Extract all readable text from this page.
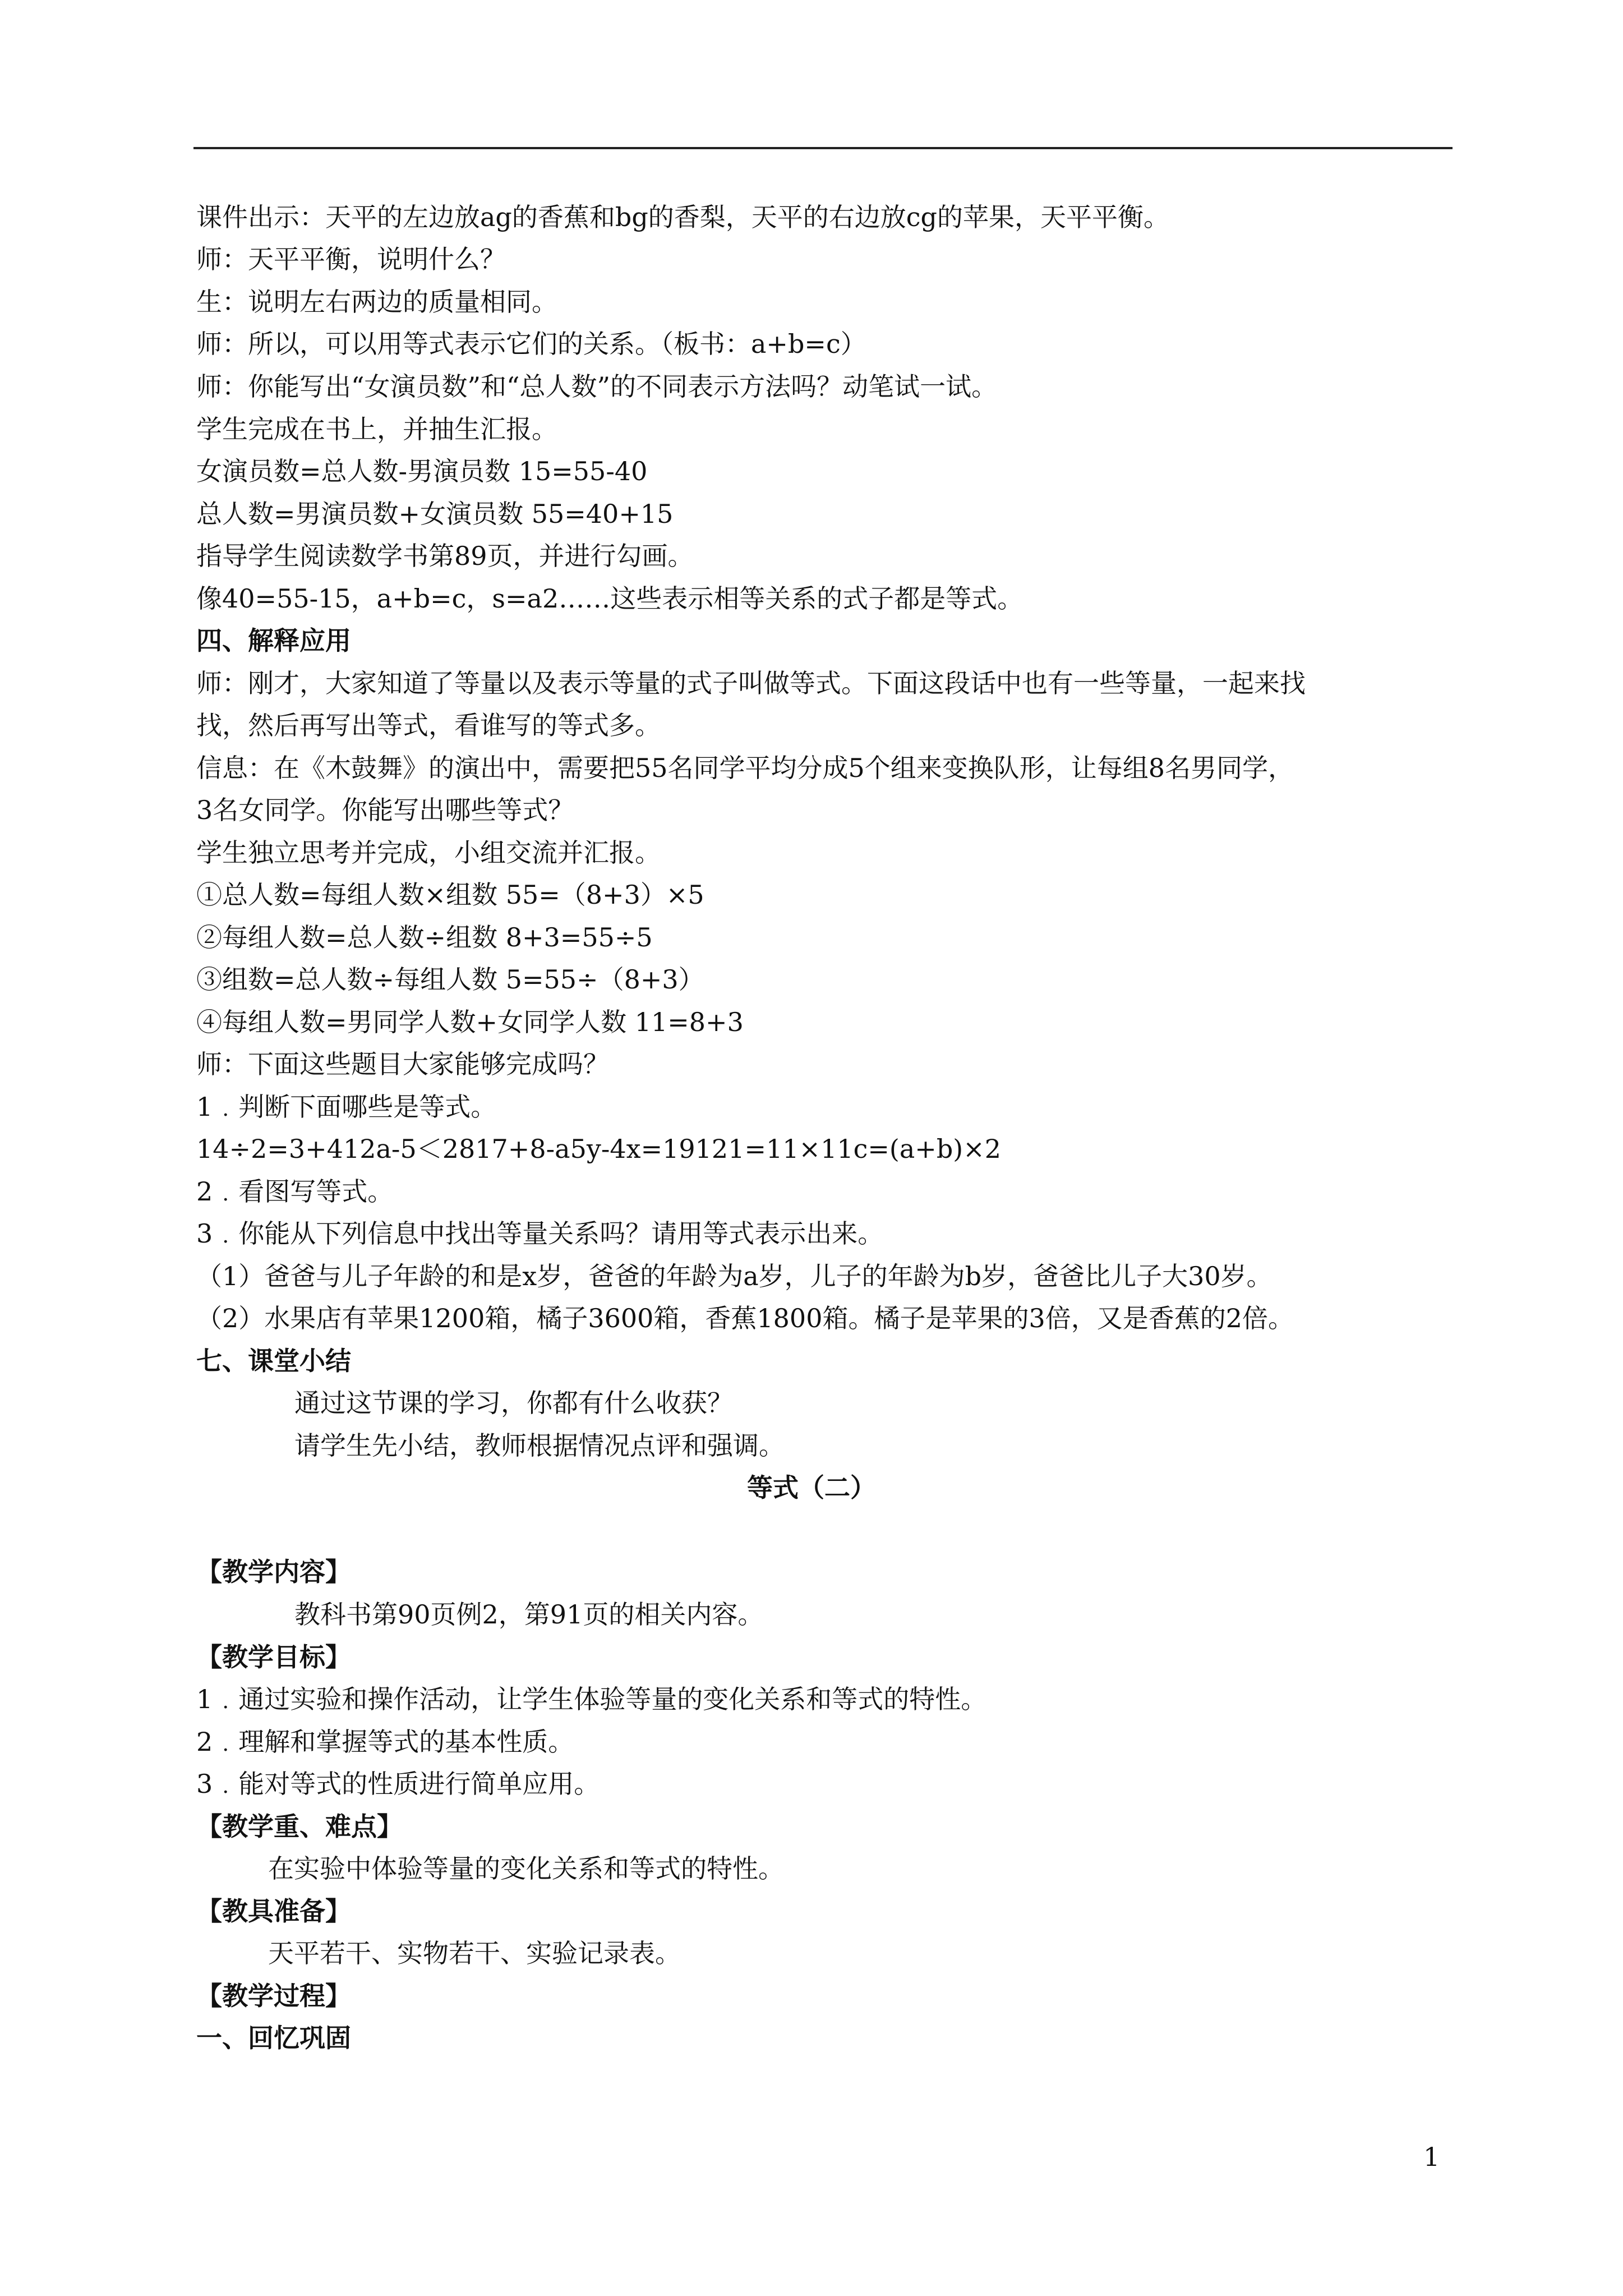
课件出示：天平的左边放ag的香蕉和bg的香梨，天平的右边放cg的苹果，天平平衡。
师：天平平衡，说明什么？
生：说明左右两边的质量相同。
师：所以，可以用等式表示它们的关系。（板书：a+b=c）
师：你能写出“女演员数”和“总人数”的不同表示方法吗？动笔试一试。
学生完成在书上，并抽生汇报。
女演员数=总人数-男演员数 15=55-40
总人数=男演员数+女演员数 55=40+15
指导学生阅读数学书第89页，并进行勾画。
像40=55-15，a+b=c，s=a2……这些表示相等关系的式子都是等式。
四、解释应用
师：刚才，大家知道了等量以及表示等量的式子叫做等式。下面这段话中也有一些等量，一起来找
找，然后再写出等式，看谁写的等式多。
信息：在《木鼓舞》的演出中，需要把55名同学平均分成5个组来变换队形，让每组8名男同学，
3名女同学。你能写出哪些等式？
学生独立思考并完成，小组交流并汇报。
①总人数=每组人数×组数 55=（8+3）×5
②每组人数=总人数÷组数 8+3=55÷5
③组数=总人数÷每组人数 5=55÷（8+3）
④每组人数=男同学人数+女同学人数 11=8+3
师：下面这些题目大家能够完成吗？
1﹒判断下面哪些是等式。
14÷2=3+412a-5＜2817+8-a5y-4x=19121=11×11c=(a+b)×2
2﹒看图写等式。
3﹒你能从下列信息中找出等量关系吗？请用等式表示出来。
（1）爸爸与儿子年龄的和是x岁，爸爸的年龄为a岁，儿子的年龄为b岁，爸爸比儿子大30岁。
（2）水果店有苹果1200箱，橘子3600箱，香蕉1800箱。橘子是苹果的3倍，又是香蕉的2倍。
七、课堂小结
通过这节课的学习，你都有什么收获？
请学生先小结，教师根据情况点评和强调。
等式（二）
【教学内容】
教科书第90页例2，第91页的相关内容。
【教学目标】
1﹒通过实验和操作活动，让学生体验等量的变化关系和等式的特性。
2﹒理解和掌握等式的基本性质。
3﹒能对等式的性质进行简单应用。
【教学重、难点】
在实验中体验等量的变化关系和等式的特性。
【教具准备】
天平若干、实物若干、实验记录表。
【教学过程】
一、回忆巩固
1
